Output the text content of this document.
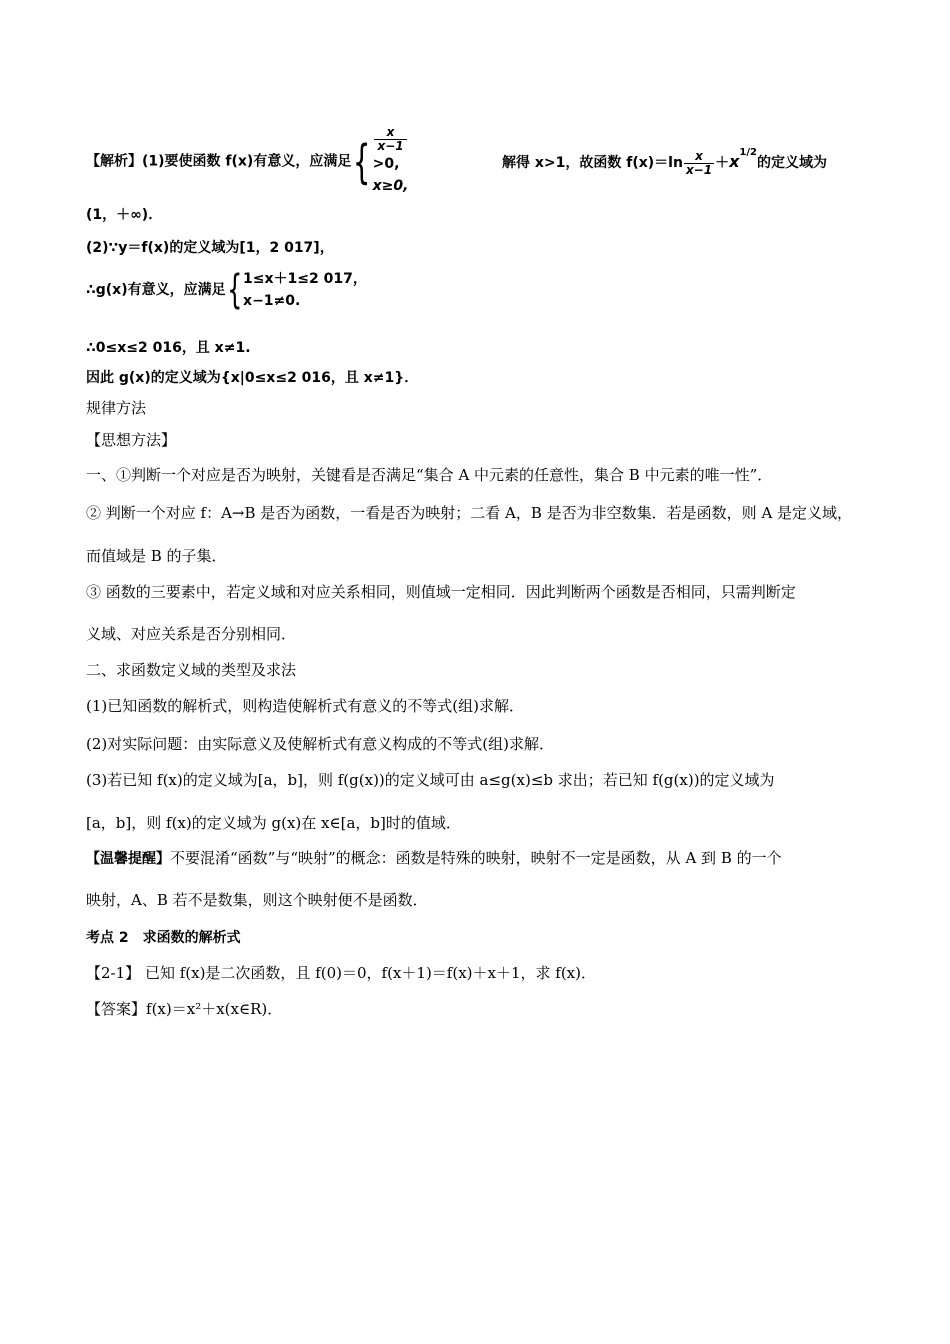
【解析】(1)要使函数 f(x)有意义，应满足{
x
x−1
>0,
x≥0,
解得 x>1，故函数 $f(x)=\ln \frac{x}{x-1} +x^{1/2}$的定义域为
(1，＋∞)．
(2)∵y＝f(x)的定义域为[1，2 017]，
∴g(x)有意义，应满足{ 1≤x＋1≤2 017，
x−1≠0.
∴0≤x≤2 016，且 x≠1.
因此 g(x)的定义域为{x|0≤x≤2 016，且 x≠1}．
规律方法
【思想方法】
一、①判断一个对应是否为映射，关键看是否满足“集合 A 中元素的任意性，集合 B 中元素的唯一性”．
② 判断一个对应 f：A→B 是否为函数，一看是否为映射；二看 A，B 是否为非空数集．若是函数，则 A 是定义域，
而值域是 B 的子集．
③ 函数的三要素中，若定义域和对应关系相同，则值域一定相同．因此判断两个函数是否相同，只需判断定
义域、对应关系是否分别相同．
二、求函数定义域的类型及求法
(1)已知函数的解析式，则构造使解析式有意义的不等式(组)求解．
(2)对实际问题：由实际意义及使解析式有意义构成的不等式(组)求解．
(3)若已知 f(x)的定义域为[a，b]，则 f(g(x))的定义域可由 a≤g(x)≤b 求出；若已知 f(g(x))的定义域为
[a，b]，则 f(x)的定义域为 g(x)在 x∈[a，b]时的值域．
【温馨提醒】不要混淆“函数”与“映射”的概念：函数是特殊的映射，映射不一定是函数，从 A 到 B 的一个
映射，A、B 若不是数集，则这个映射便不是函数．
考点 2　求函数的解析式
【2-1】 已知 f(x)是二次函数，且 f(0)＝0，f(x＋1)＝f(x)＋x＋1，求 f(x)．
【答案】f(x)＝x²＋x(x∈R)．
